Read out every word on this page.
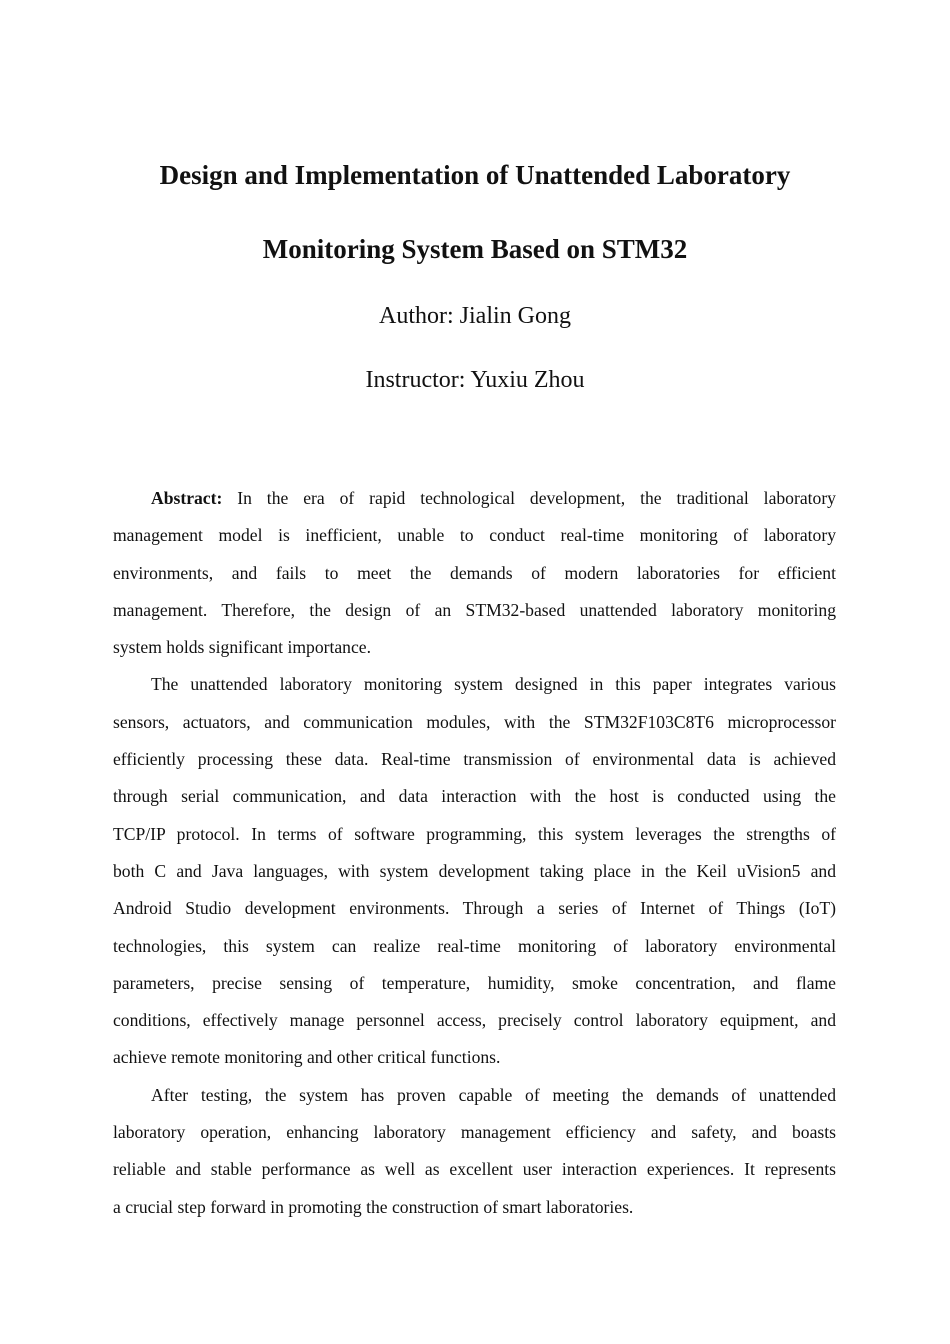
Design and Implementation of Unattended Laboratory
Monitoring System Based on STM32
Author: Jialin Gong
Instructor: Yuxiu Zhou
Abstract: In the era of rapid technological development, the traditional laboratory
management model is inefficient, unable to conduct real-time monitoring of laboratory
environments, and fails to meet the demands of modern laboratories for efficient
management. Therefore, the design of an STM32-based unattended laboratory monitoring
system holds significant importance.
The unattended laboratory monitoring system designed in this paper integrates various
sensors, actuators, and communication modules, with the STM32F103C8T6 microprocessor
efficiently processing these data. Real-time transmission of environmental data is achieved
through serial communication, and data interaction with the host is conducted using the
TCP/IP protocol. In terms of software programming, this system leverages the strengths of
both C and Java languages, with system development taking place in the Keil uVision5 and
Android Studio development environments. Through a series of Internet of Things (IoT)
technologies, this system can realize real-time monitoring of laboratory environmental
parameters, precise sensing of temperature, humidity, smoke concentration, and flame
conditions, effectively manage personnel access, precisely control laboratory equipment, and
achieve remote monitoring and other critical functions.
After testing, the system has proven capable of meeting the demands of unattended
laboratory operation, enhancing laboratory management efficiency and safety, and boasts
reliable and stable performance as well as excellent user interaction experiences. It represents
a crucial step forward in promoting the construction of smart laboratories.
